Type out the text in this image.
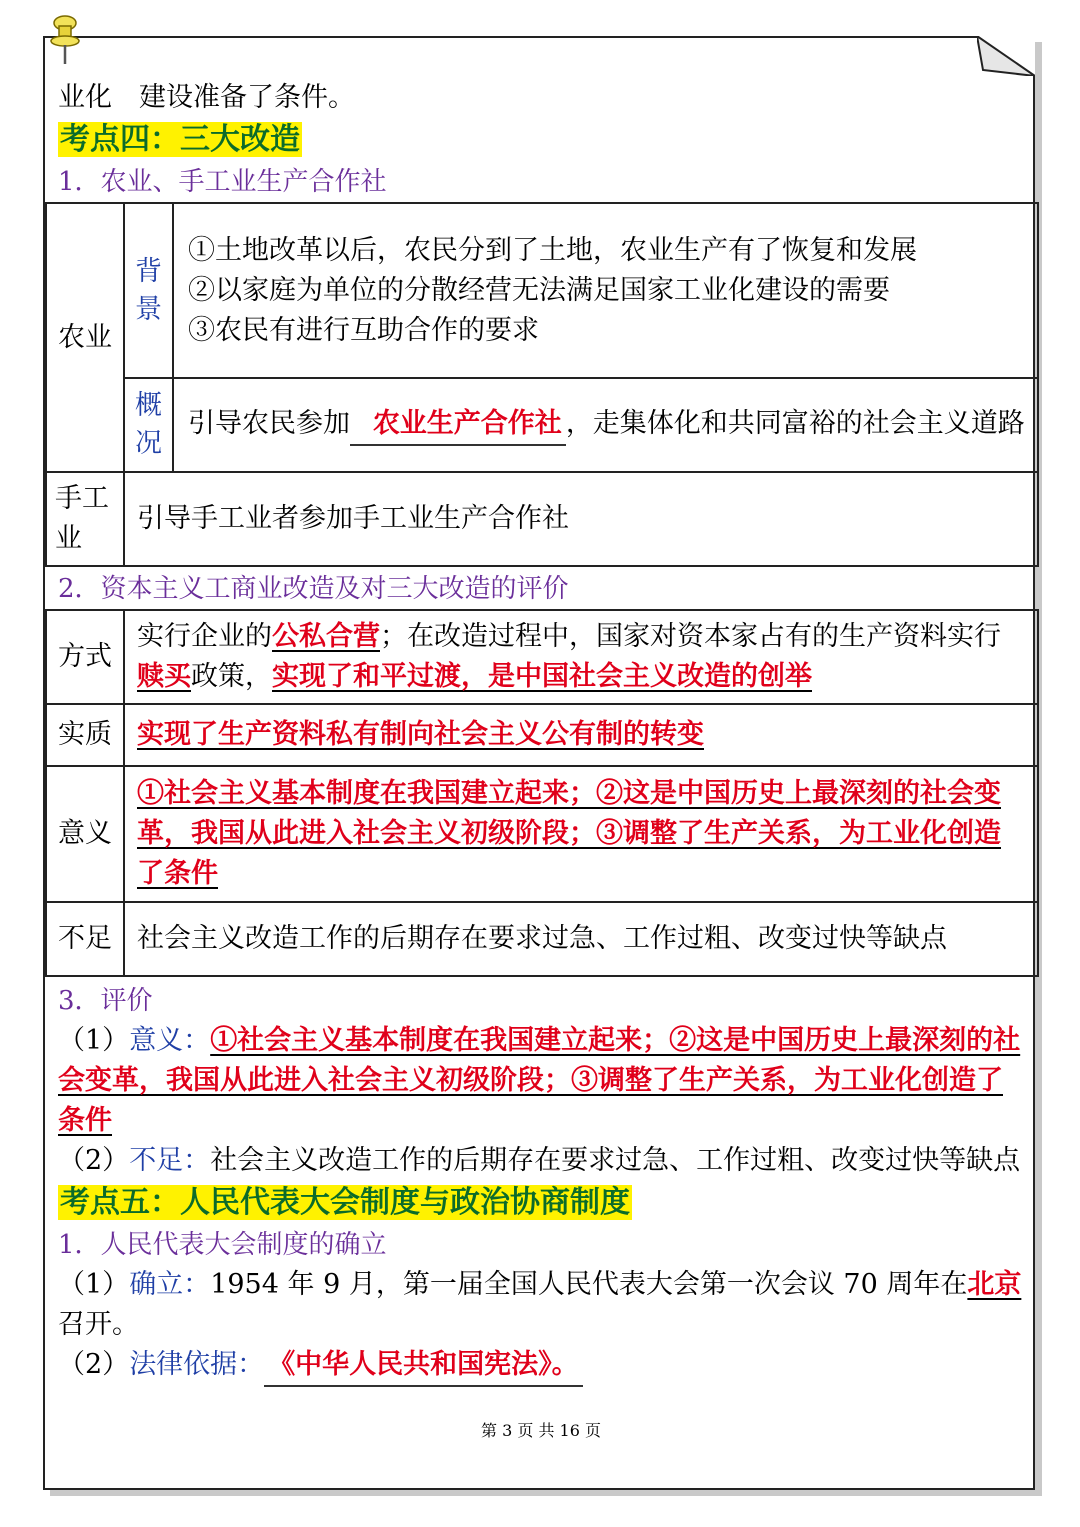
业化　建设准备了条件。
考点四：三大改造
1．农业、手工业生产合作社
农业	背景	①土地改革以后，农民分到了土地，农业生产有了恢复和发展
②以家庭为单位的分散经营无法满足国家工业化建设的需要
③农民有进行互助合作的要求

	概况	引导农民参加 农业生产合作社 ，走集体化和共同富裕的社会主义道路
手工业	引导手工业者参加手工业生产合作社	
2．资本主义工商业改造及对三大改造的评价
方式	实行企业的公私合营；在改造过程中，国家对资本家占有的生产资料实行赎买政策，实现了和平过渡，是中国社会主义改造的创举
实质	实现了生产资料私有制向社会主义公有制的转变
意义	①社会主义基本制度在我国建立起来；②这是中国历史上最深刻的社会变革，我国从此进入社会主义初级阶段；③调整了生产关系，为工业化创造了条件
不足	社会主义改造工作的后期存在要求过急、工作过粗、改变过快等缺点
3．评价
（1）意义：①社会主义基本制度在我国建立起来；②这是中国历史上最深刻的社会变革，我国从此进入社会主义初级阶段；③调整了生产关系，为工业化创造了条件
（2）不足：社会主义改造工作的后期存在要求过急、工作过粗、改变过快等缺点
考点五：人民代表大会制度与政治协商制度
1．人民代表大会制度的确立
（1）确立：1954 年 9 月，第一届全国人民代表大会第一次会议 70 周年在北京召开。
（2）法律依据： 《中华人民共和国宪法》。
第 3 页 共 16 页
